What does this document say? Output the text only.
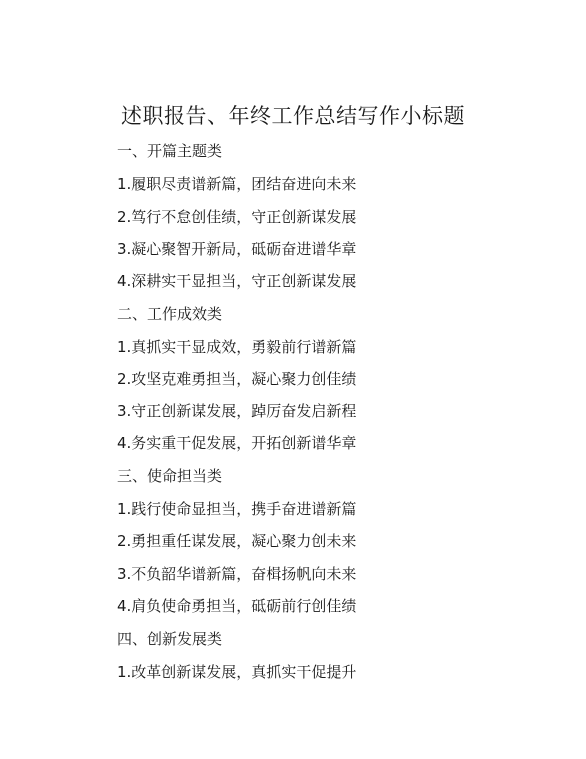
述职报告、年终工作总结写作小标题
一、开篇主题类
1.履职尽责谱新篇，团结奋进向未来
2.笃行不怠创佳绩，守正创新谋发展
3.凝心聚智开新局，砥砺奋进谱华章
4.深耕实干显担当，守正创新谋发展
二、工作成效类
1.真抓实干显成效，勇毅前行谱新篇
2.攻坚克难勇担当，凝心聚力创佳绩
3.守正创新谋发展，踔厉奋发启新程
4.务实重干促发展，开拓创新谱华章
三、使命担当类
1.践行使命显担当，携手奋进谱新篇
2.勇担重任谋发展，凝心聚力创未来
3.不负韶华谱新篇，奋楫扬帆向未来
4.肩负使命勇担当，砥砺前行创佳绩
四、创新发展类
1.改革创新谋发展，真抓实干促提升
